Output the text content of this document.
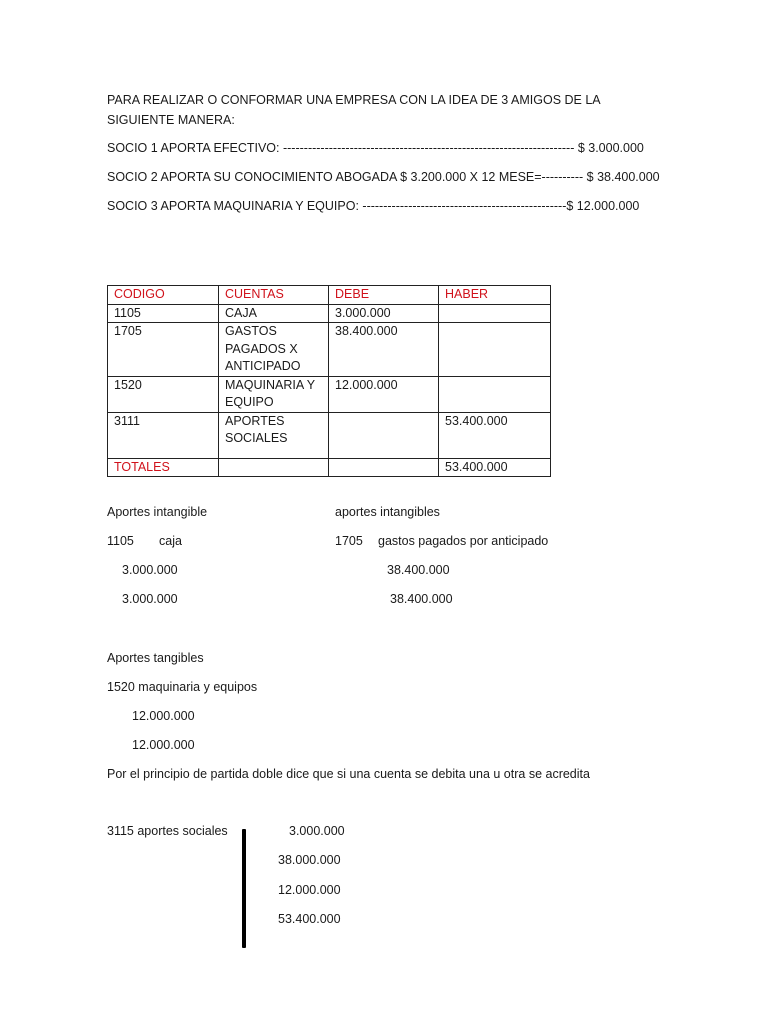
PARA REALIZAR O CONFORMAR UNA EMPRESA CON LA IDEA DE 3 AMIGOS DE LA SIGUIENTE MANERA:
SOCIO 1 APORTA EFECTIVO: ---------------------------------------------------------------------- $ 3.000.000
SOCIO 2 APORTA SU CONOCIMIENTO ABOGADA $ 3.200.000 X 12 MESE=---------- $ 38.400.000
SOCIO 3 APORTA MAQUINARIA Y EQUIPO: -------------------------------------------------$ 12.000.000
CODIGO	CUENTAS	DEBE	HABER
1105	CAJA	3.000.000	
1705	GASTOS PAGADOS X ANTICIPADO	38.400.000	
1520	MAQUINARIA Y EQUIPO	12.000.000	
3111	APORTES SOCIALES		53.400.000
TOTALES			53.400.000
Aportes intangible	aportes intangibles
1105 caja	1705 gastos pagados por anticipado
3.000.000	38.400.000
3.000.000	38.400.000
Aportes tangibles
1520 maquinaria y equipos
12.000.000
12.000.000
Por el principio de partida doble dice que si una cuenta se debita una u otra se acredita
3115 aportes sociales	3.000.000
38.000.000
12.000.000
53.400.000
